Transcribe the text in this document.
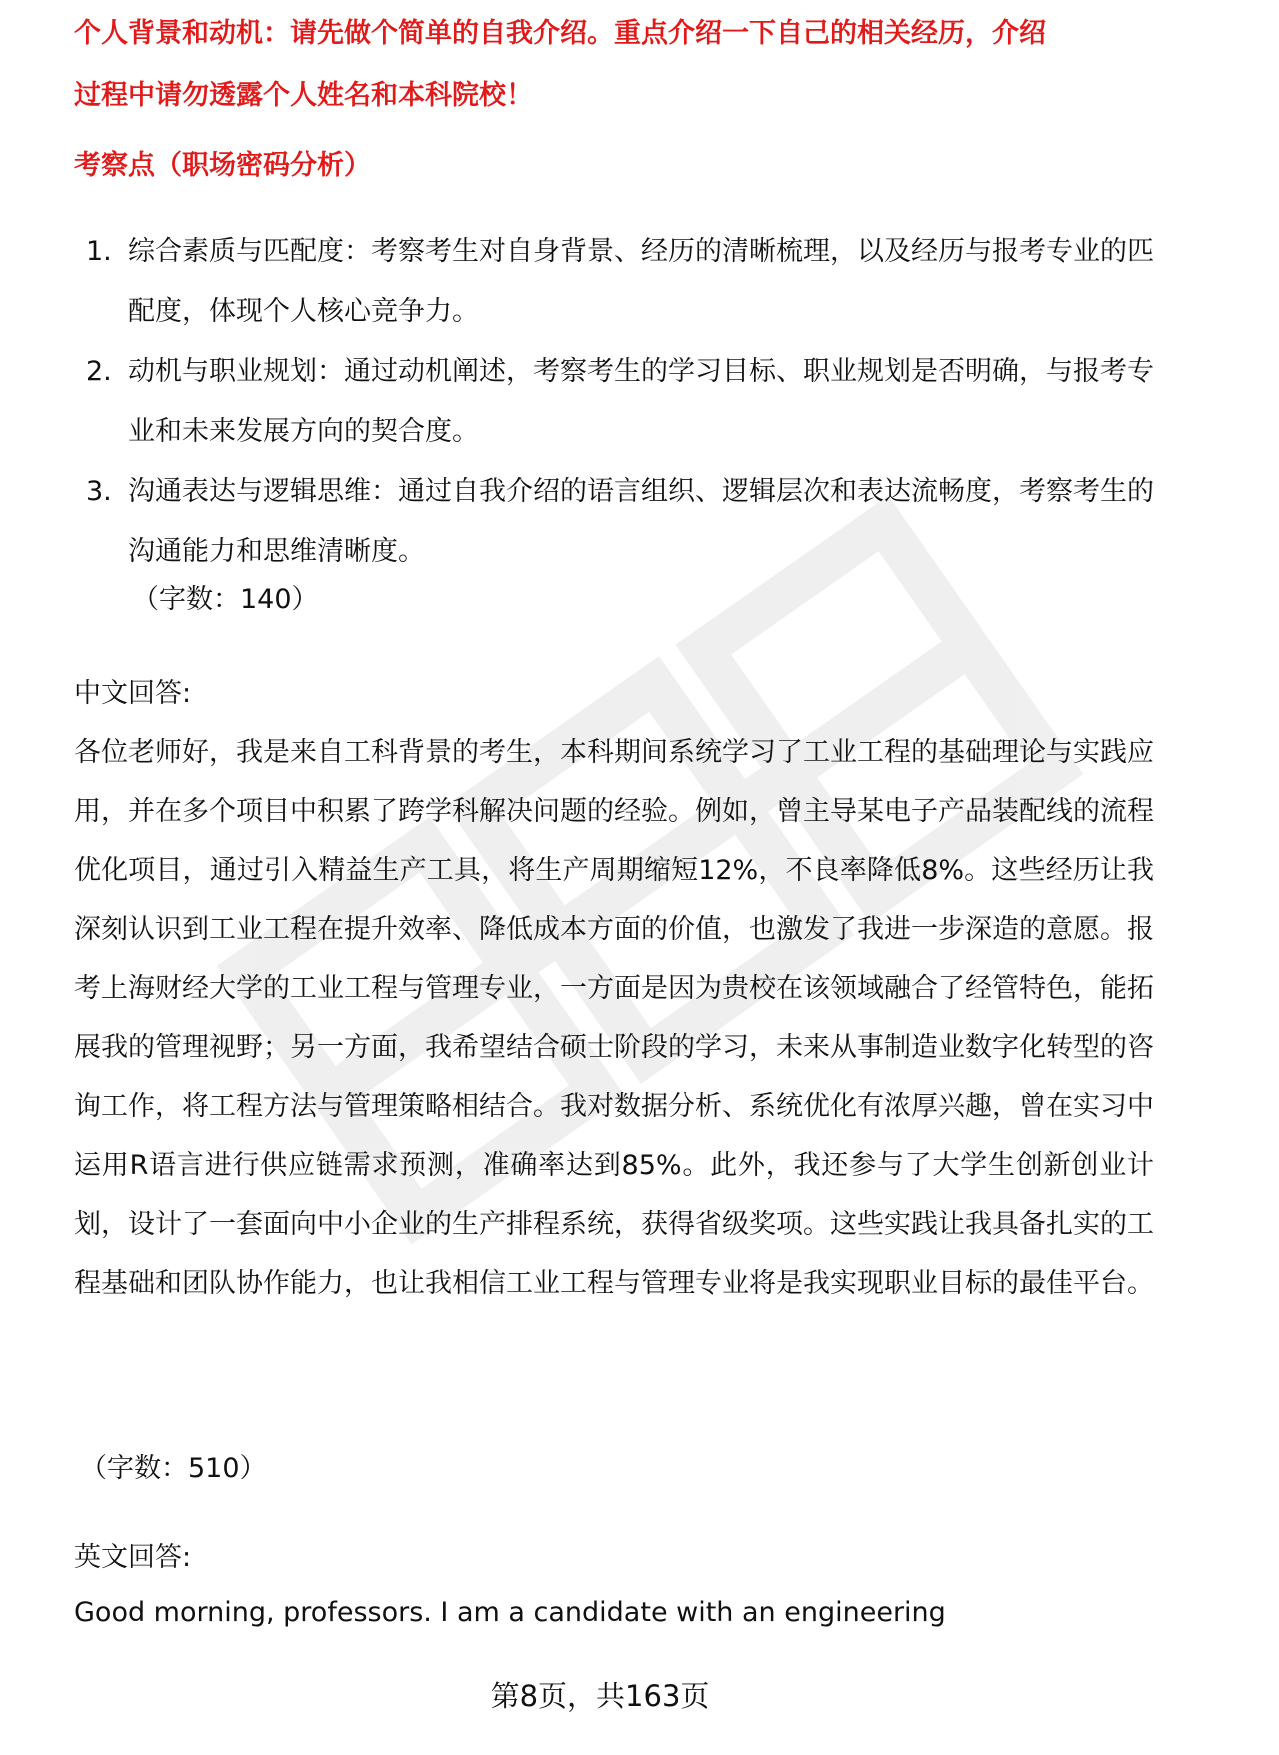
个人背景和动机：请先做个简单的自我介绍。重点介绍一下自己的相关经历，介绍
过程中请勿透露个人姓名和本科院校！
考察点（职场密码分析）
1. 综合素质与匹配度：考察考生对自身背景、经历的清晰梳理，以及经历与报考专业的匹配度，体现个人核心竞争力。
2. 动机与职业规划：通过动机阐述，考察考生的学习目标、职业规划是否明确，与报考专业和未来发展方向的契合度。
3. 沟通表达与逻辑思维：通过自我介绍的语言组织、逻辑层次和表达流畅度，考察考生的沟通能力和思维清晰度。
（字数：140）
中文回答:
各位老师好，我是来自工科背景的考生，本科期间系统学习了工业工程的基础理论与实践应用，并在多个项目中积累了跨学科解决问题的经验。例如，曾主导某电子产品装配线的流程优化项目，通过引入精益生产工具，将生产周期缩短12%，不良率降低8%。这些经历让我深刻认识到工业工程在提升效率、降低成本方面的价值，也激发了我进一步深造的意愿。报考上海财经大学的工业工程与管理专业，一方面是因为贵校在该领域融合了经管特色，能拓展我的管理视野；另一方面，我希望结合硕士阶段的学习，未来从事制造业数字化转型的咨询工作，将工程方法与管理策略相结合。我对数据分析、系统优化有浓厚兴趣，曾在实习中运用R语言进行供应链需求预测，准确率达到85%。此外，我还参与了大学生创新创业计划，设计了一套面向中小企业的生产排程系统，获得省级奖项。这些实践让我具备扎实的工程基础和团队协作能力，也让我相信工业工程与管理专业将是我实现职业目标的最佳平台。
（字数：510）
英文回答:
Good morning, professors. I am a candidate with an engineering
第8页，共163页
